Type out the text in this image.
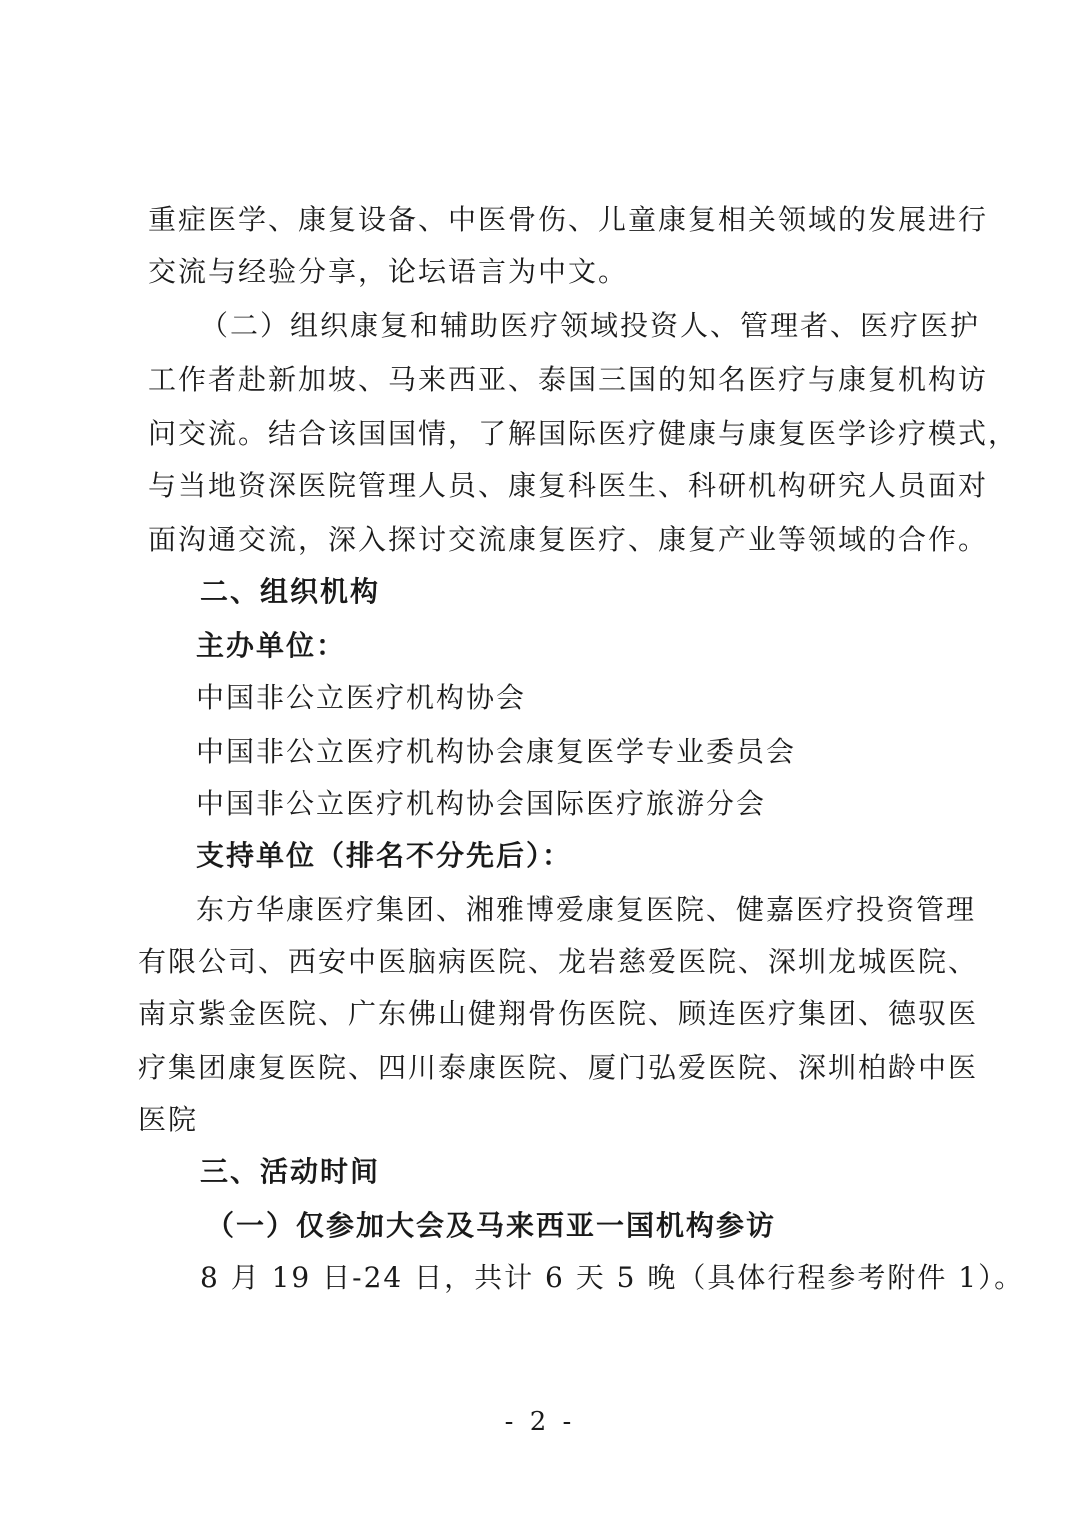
重症医学、康复设备、中医骨伤、儿童康复相关领域的发展进行
交流与经验分享，论坛语言为中文。
（二）组织康复和辅助医疗领域投资人、管理者、医疗医护
工作者赴新加坡、马来西亚、泰国三国的知名医疗与康复机构访
问交流。结合该国国情，了解国际医疗健康与康复医学诊疗模式，
与当地资深医院管理人员、康复科医生、科研机构研究人员面对
面沟通交流，深入探讨交流康复医疗、康复产业等领域的合作。
二、组织机构
主办单位：
中国非公立医疗机构协会
中国非公立医疗机构协会康复医学专业委员会
中国非公立医疗机构协会国际医疗旅游分会
支持单位（排名不分先后）：
东方华康医疗集团、湘雅博爱康复医院、健嘉医疗投资管理
有限公司、西安中医脑病医院、龙岩慈爱医院、深圳龙城医院、
南京紫金医院、广东佛山健翔骨伤医院、顾连医疗集团、德驭医
疗集团康复医院、四川泰康医院、厦门弘爱医院、深圳柏龄中医
医院
三、活动时间
（一）仅参加大会及马来西亚一国机构参访
8 月 19 日-24 日，共计 6 天 5 晚（具体行程参考附件 1）。
- 2 -
